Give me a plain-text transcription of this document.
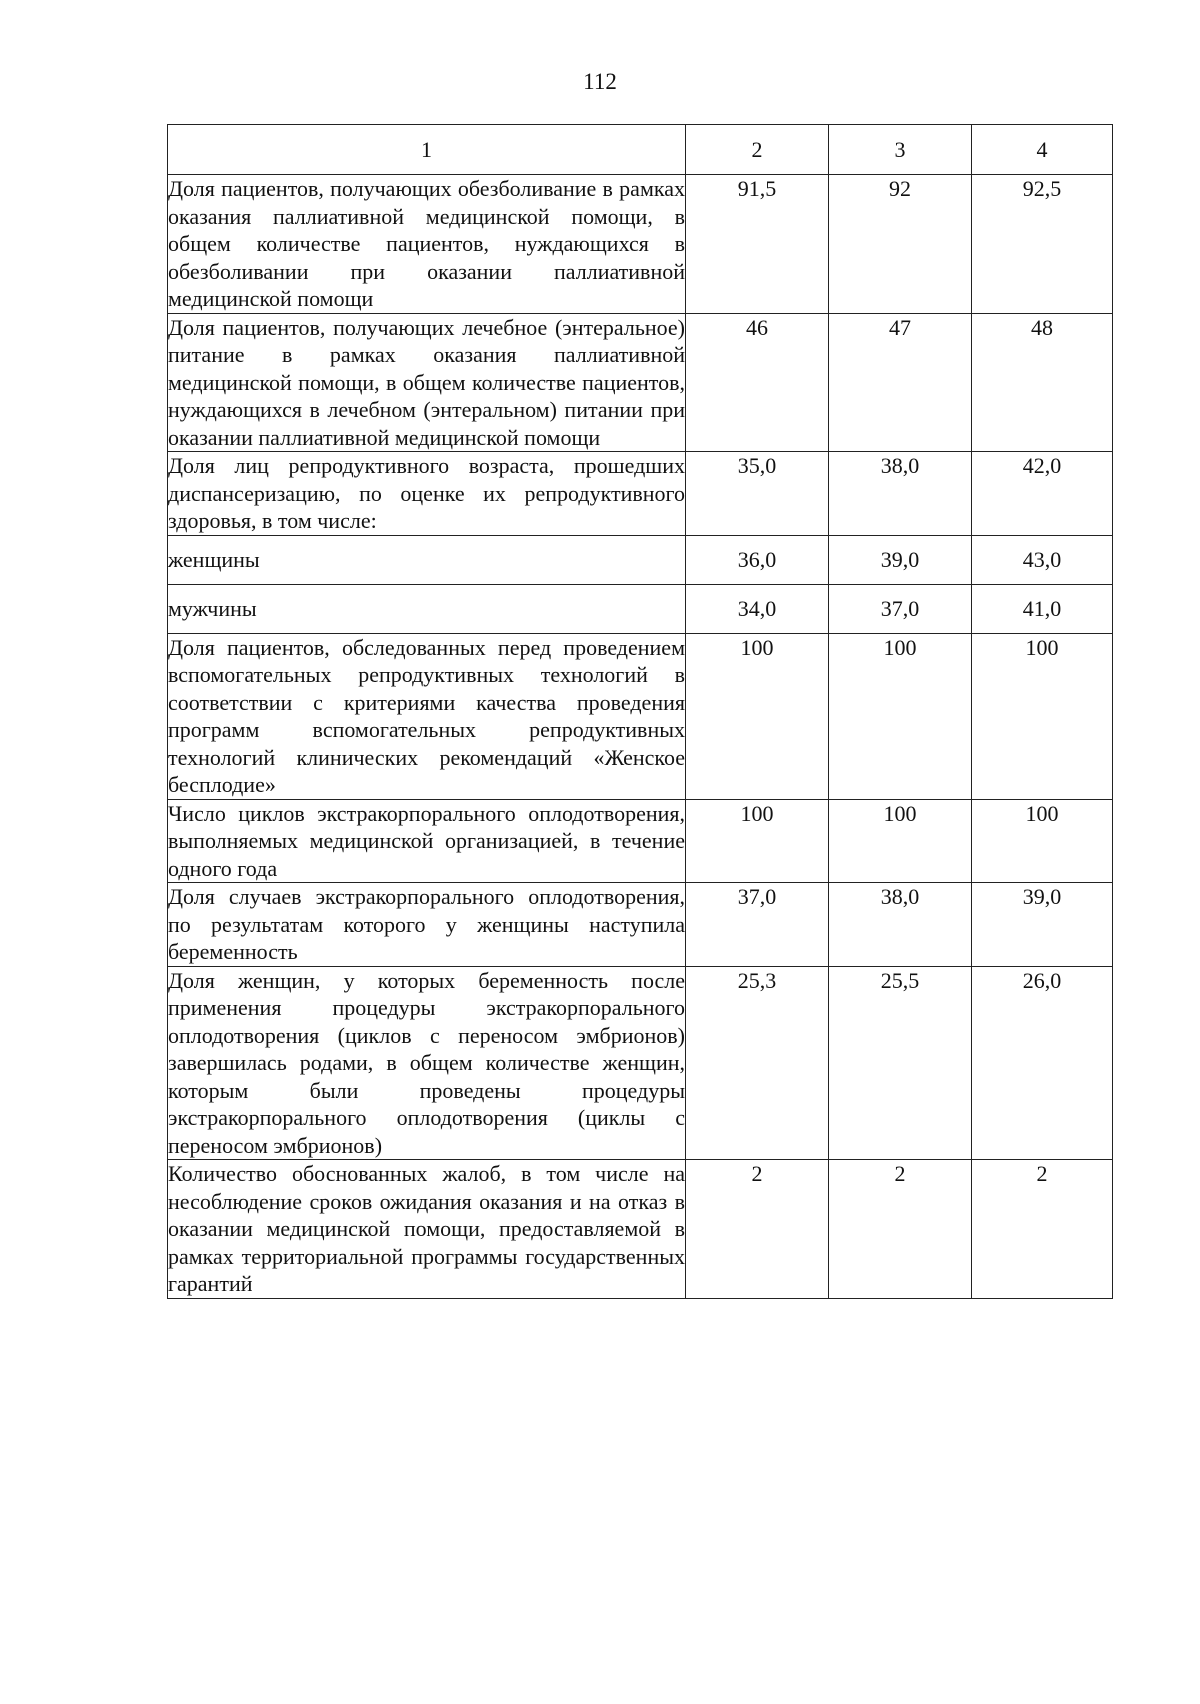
112
1	2	3	4
Доля пациентов, получающих обезболивание в рамках оказания паллиативной медицинской помощи, в общем количестве пациентов, нуждающихся в обезболивании при оказании паллиативной медицинской помощи	91,5	92	92,5
Доля пациентов, получающих лечебное (энтеральное) питание в рамках оказания паллиативной медицинской помощи, в общем количестве пациентов, нуждающихся в лечебном (энтеральном) питании при оказании паллиативной медицинской помощи	46	47	48
Доля лиц репродуктивного возраста, прошедших диспансеризацию, по оценке их репродуктивного здоровья, в том числе:	35,0	38,0	42,0
женщины	36,0	39,0	43,0
мужчины	34,0	37,0	41,0
Доля пациентов, обследованных перед проведением вспомогательных репродуктивных технологий в соответствии с критериями качества проведения программ вспомогательных репродуктивных технологий клинических рекомендаций «Женское бесплодие»	100	100	100
Число циклов экстракорпорального оплодотворения, выполняемых медицинской организацией, в течение одного года	100	100	100
Доля случаев экстракорпорального оплодотворения, по результатам которого у женщины наступила беременность	37,0	38,0	39,0
Доля женщин, у которых беременность после применения процедуры экстракорпорального оплодотворения (циклов с переносом эмбрионов) завершилась родами, в общем количестве женщин, которым были проведены процедуры экстракорпорального оплодотворения (циклы с переносом эмбрионов)	25,3	25,5	26,0
Количество обоснованных жалоб, в том числе на несоблюдение сроков ожидания оказания и на отказ в оказании медицинской помощи, предоставляемой в рамках территориальной программы государственных гарантий	2	2	2
